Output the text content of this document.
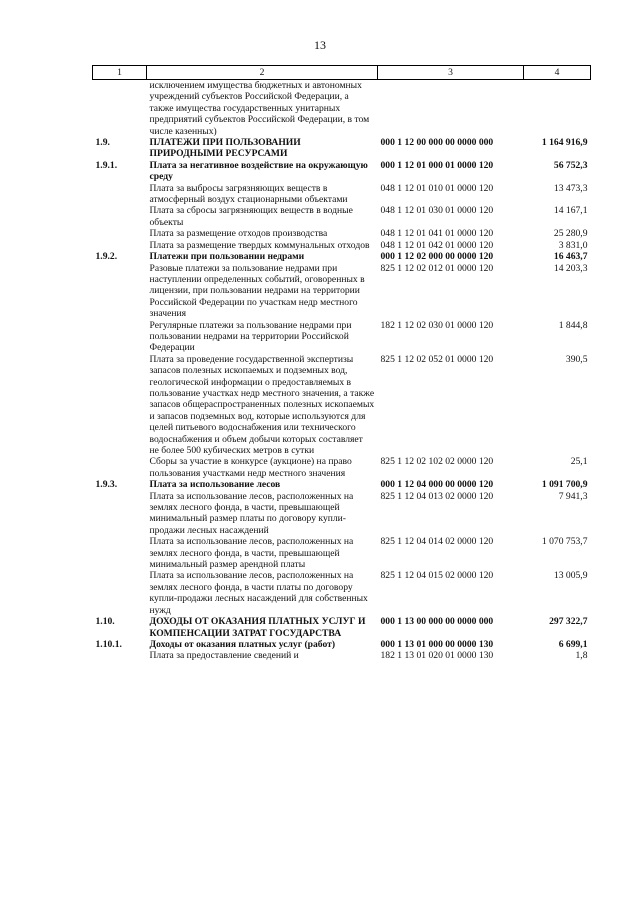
13
1	2	3	4
	исключением имущества бюджетных и автономных учреждений субъектов Российской Федерации, а также имущества государственных унитарных предприятий субъектов Российской Федерации, в том числе казенных)		
1.9.	ПЛАТЕЖИ ПРИ ПОЛЬЗОВАНИИ ПРИРОДНЫМИ РЕСУРСАМИ	000 1 12 00 000 00 0000 000	1 164 916,9
1.9.1.	Плата за негативное воздействие на окружающую среду	000 1 12 01 000 01 0000 120	56 752,3
	Плата за выбросы загрязняющих веществ в атмосферный воздух стационарными объектами	048 1 12 01 010 01 0000 120	13 473,3
	Плата за сбросы загрязняющих веществ в водные объекты	048 1 12 01 030 01 0000 120	14 167,1
	Плата за размещение отходов производства	048 1 12 01 041 01 0000 120	25 280,9
	Плата за размещение твердых коммунальных отходов	048 1 12 01 042 01 0000 120	3 831,0
1.9.2.	Платежи при пользовании недрами	000 1 12 02 000 00 0000 120	16 463,7
	Разовые платежи за пользование недрами при наступлении определенных событий, оговоренных в лицензии, при пользовании недрами на территории Российской Федерации по участкам недр местного значения	825 1 12 02 012 01 0000 120	14 203,3
	Регулярные платежи за пользование недрами при пользовании недрами на территории Российской Федерации	182 1 12 02 030 01 0000 120	1 844,8
	Плата за проведение государственной экспертизы запасов полезных ископаемых и подземных вод, геологической информации о предоставляемых в пользование участках недр местного значения, а также запасов общераспространенных полезных ископаемых и запасов подземных вод, которые используются для целей питьевого водоснабжения или технического водоснабжения и объем добычи которых составляет не более 500 кубических метров в сутки	825 1 12 02 052 01 0000 120	390,5
	Сборы за участие в конкурсе (аукционе) на право пользования участками недр местного значения	825 1 12 02 102 02 0000 120	25,1
1.9.3.	Плата за использование лесов	000 1 12 04 000 00 0000 120	1 091 700,9
	Плата за использование лесов, расположенных на землях лесного фонда, в части, превышающей минимальный размер платы по договору купли-продажи лесных насаждений	825 1 12 04 013 02 0000 120	7 941,3
	Плата за использование лесов, расположенных на землях лесного фонда, в части, превышающей минимальный размер арендной платы	825 1 12 04 014 02 0000 120	1 070 753,7
	Плата за использование лесов, расположенных на землях лесного фонда, в части платы по договору купли-продажи лесных насаждений для собственных нужд	825 1 12 04 015 02 0000 120	13 005,9
1.10.	ДОХОДЫ ОТ ОКАЗАНИЯ ПЛАТНЫХ УСЛУГ И КОМПЕНСАЦИИ ЗАТРАТ ГОСУДАРСТВА	000 1 13 00 000 00 0000 000	297 322,7
1.10.1.	Доходы от оказания платных услуг (работ)	000 1 13 01 000 00 0000 130	6 699,1
	Плата за предоставление сведений и	182 1 13 01 020 01 0000 130	1,8
